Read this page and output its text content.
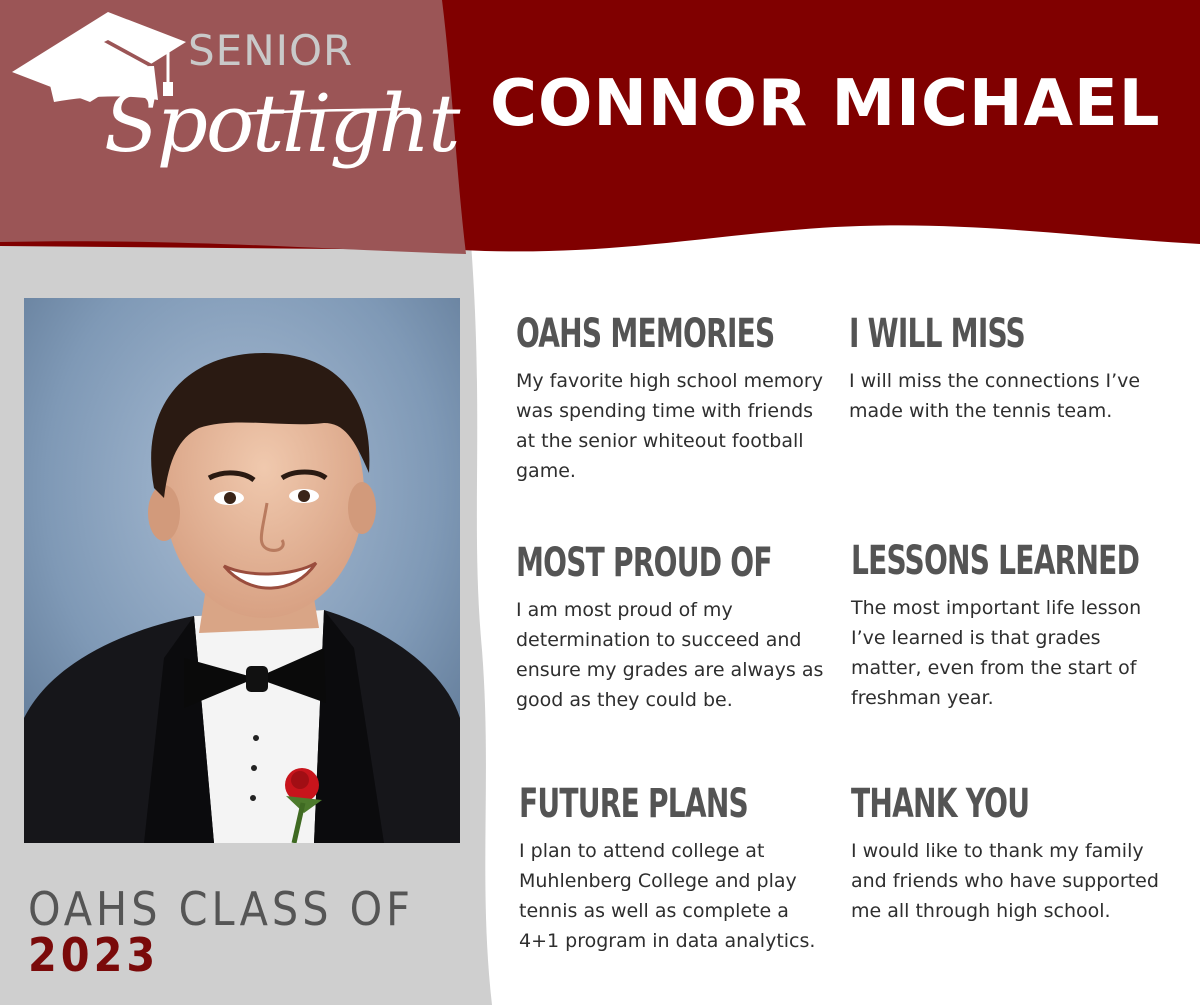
SENIOR
Spotlight CONNOR MICHAEL
OAHS CLASS OF 2023
OAHS MEMORIES

My favorite high school memory was spending time with friends at the senior whiteout football game.

I WILL MISS

I will miss the connections I’ve made with the tennis team.

MOST PROUD OF

I am most proud of my determination to succeed and ensure my grades are always as good as they could be.

LESSONS LEARNED

The most important life lesson I’ve learned is that grades matter, even from the start of freshman year.

FUTURE PLANS

I plan to attend college at Muhlenberg College and play tennis as well as complete a 4+1 program in data analytics.

THANK YOU

I would like to thank my family and friends who have supported me all through high school.
